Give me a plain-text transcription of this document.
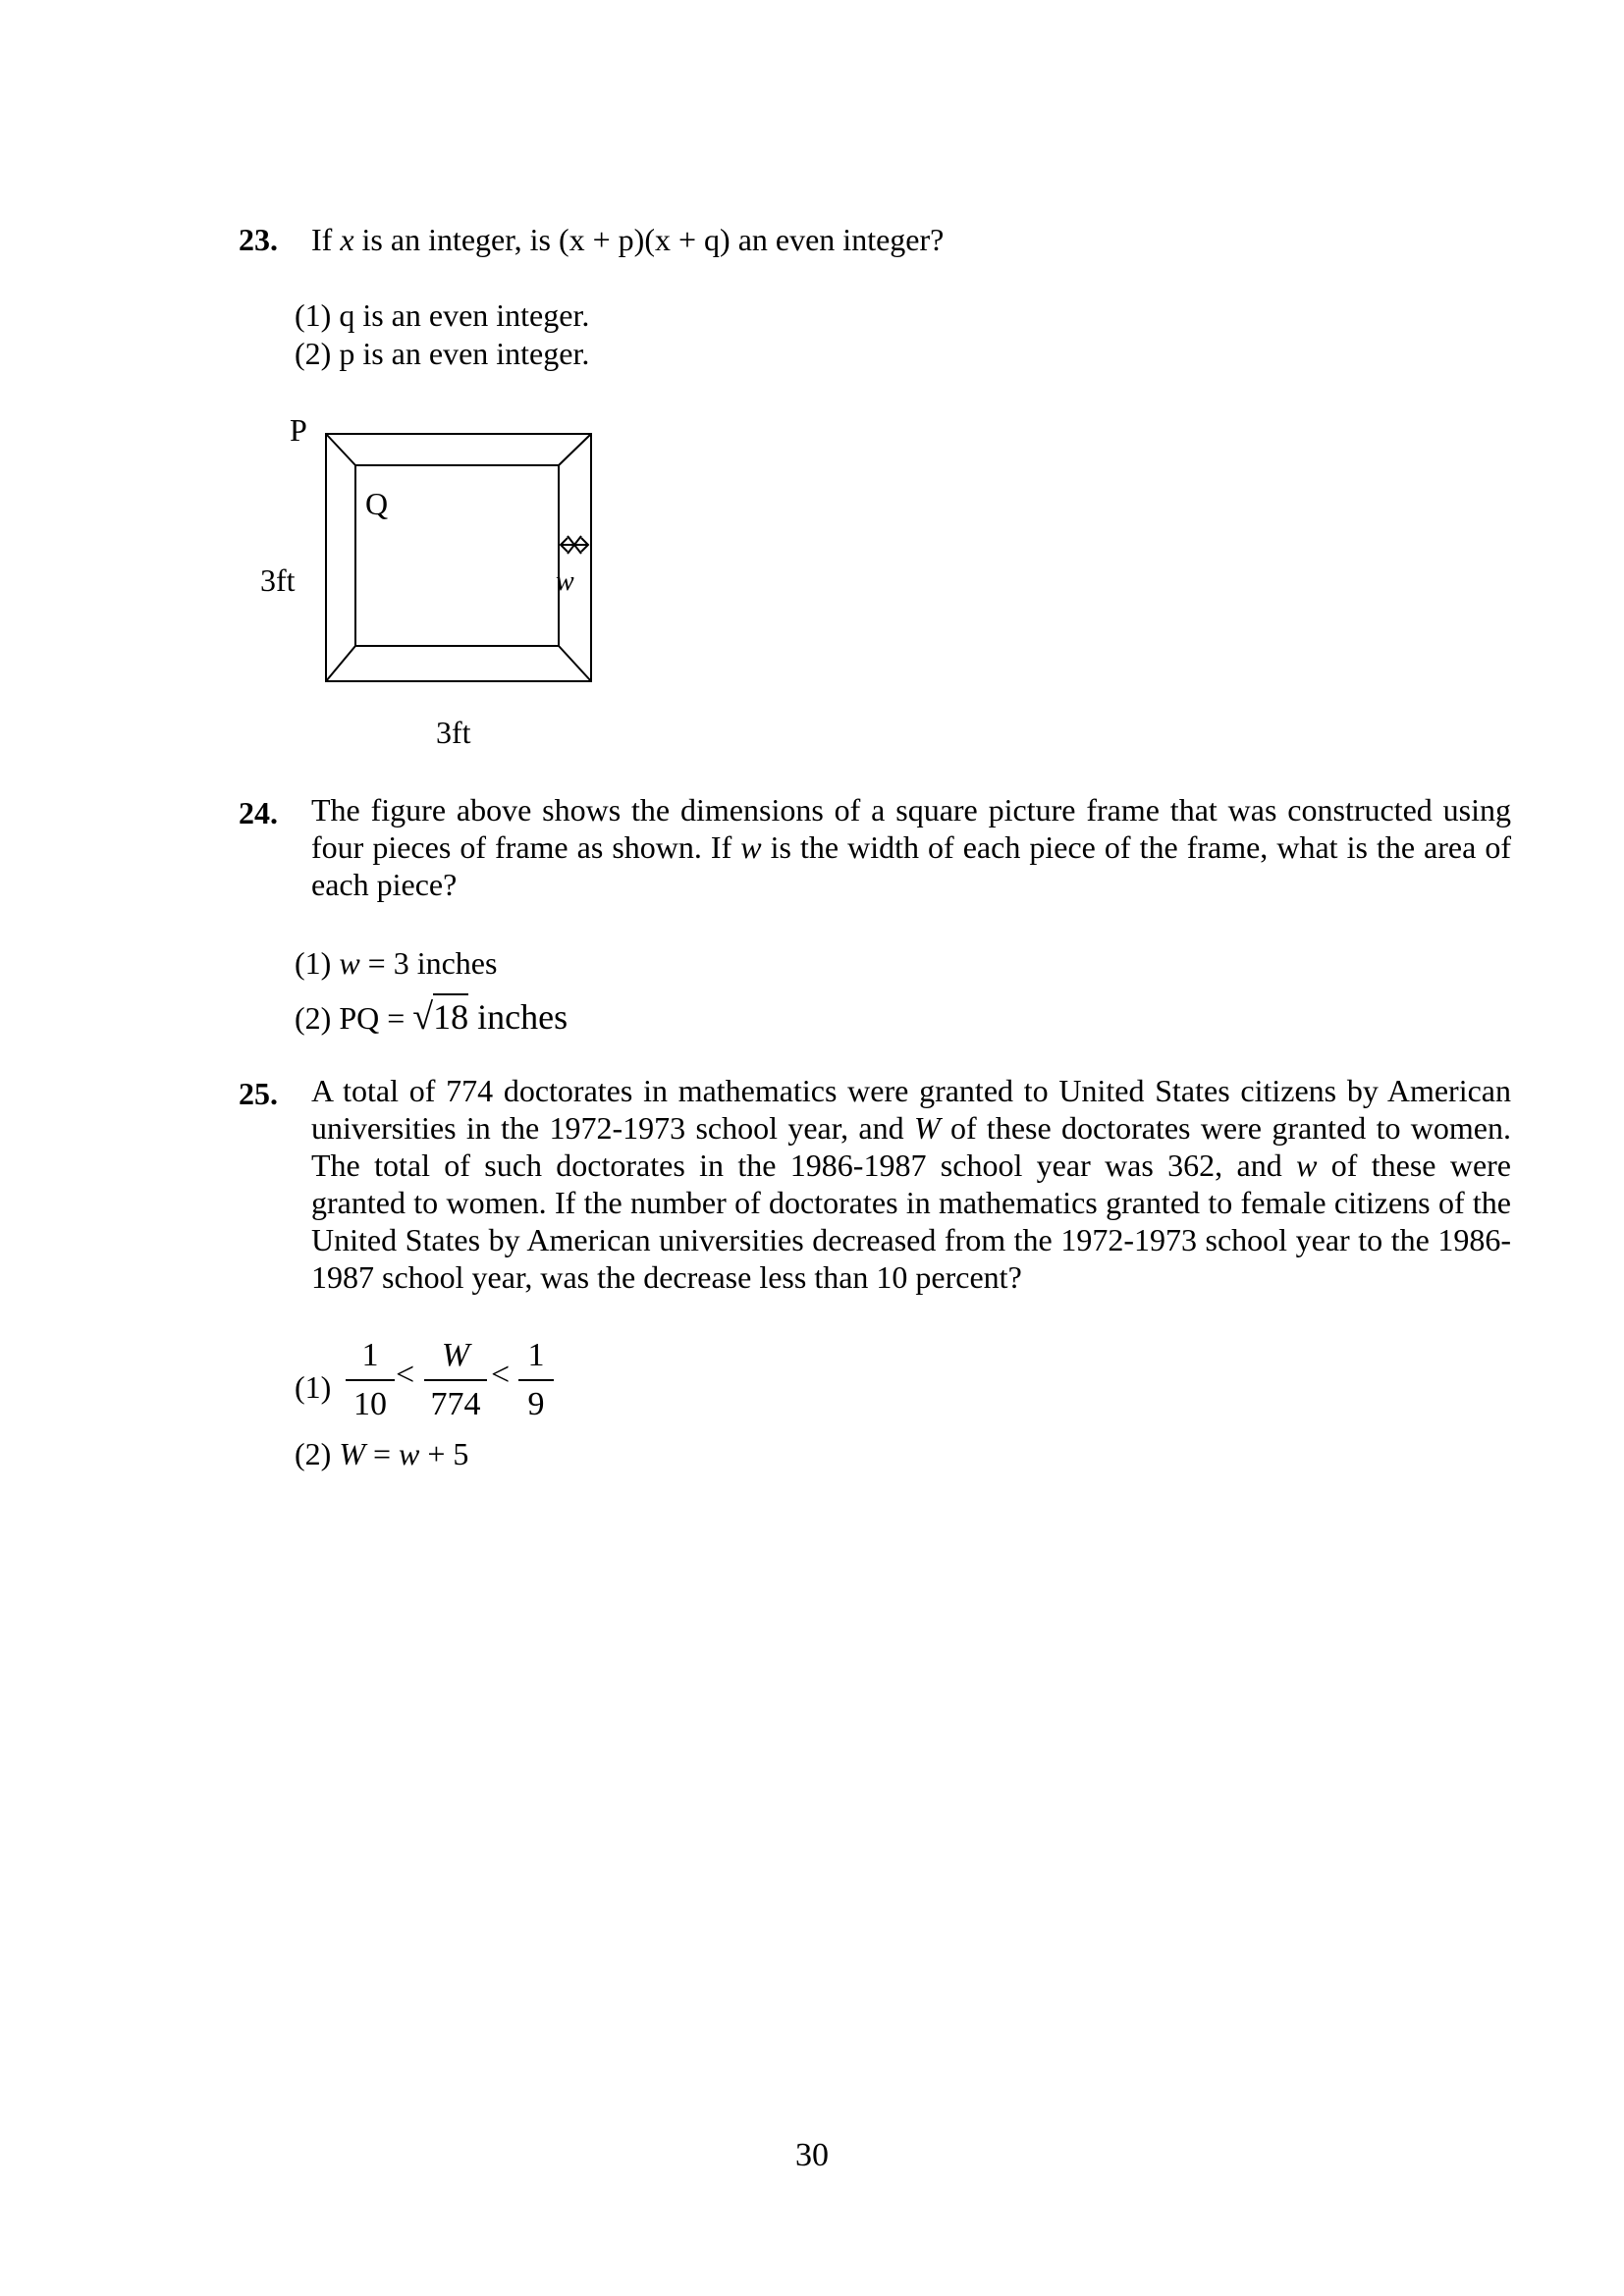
23. If x is an integer, is (x + p)(x + q) an even integer?
(1) q is an even integer.
(2) p is an even integer.
P
Q
3ft
3ft
w
24. The figure above shows the dimensions of a square picture frame that was constructed using four pieces of frame as shown. If w is the width of each piece of the frame, what is the area of each piece?
(1) w = 3 inches
(2) PQ = √18 inches
25. A total of 774 doctorates in mathematics were granted to United States citizens by American universities in the 1972-1973 school year, and W of these doctorates were granted to women. The total of such doctorates in the 1986-1987 school year was 362, and w of these were granted to women. If the number of doctorates in mathematics granted to female citizens of the United States by American universities decreased from the 1972-1973 school year to the 1986-1987 school year, was the decrease less than 10 percent?
(1)
1
10
<
W
774
<
1
9
(2) W = w + 5
30
